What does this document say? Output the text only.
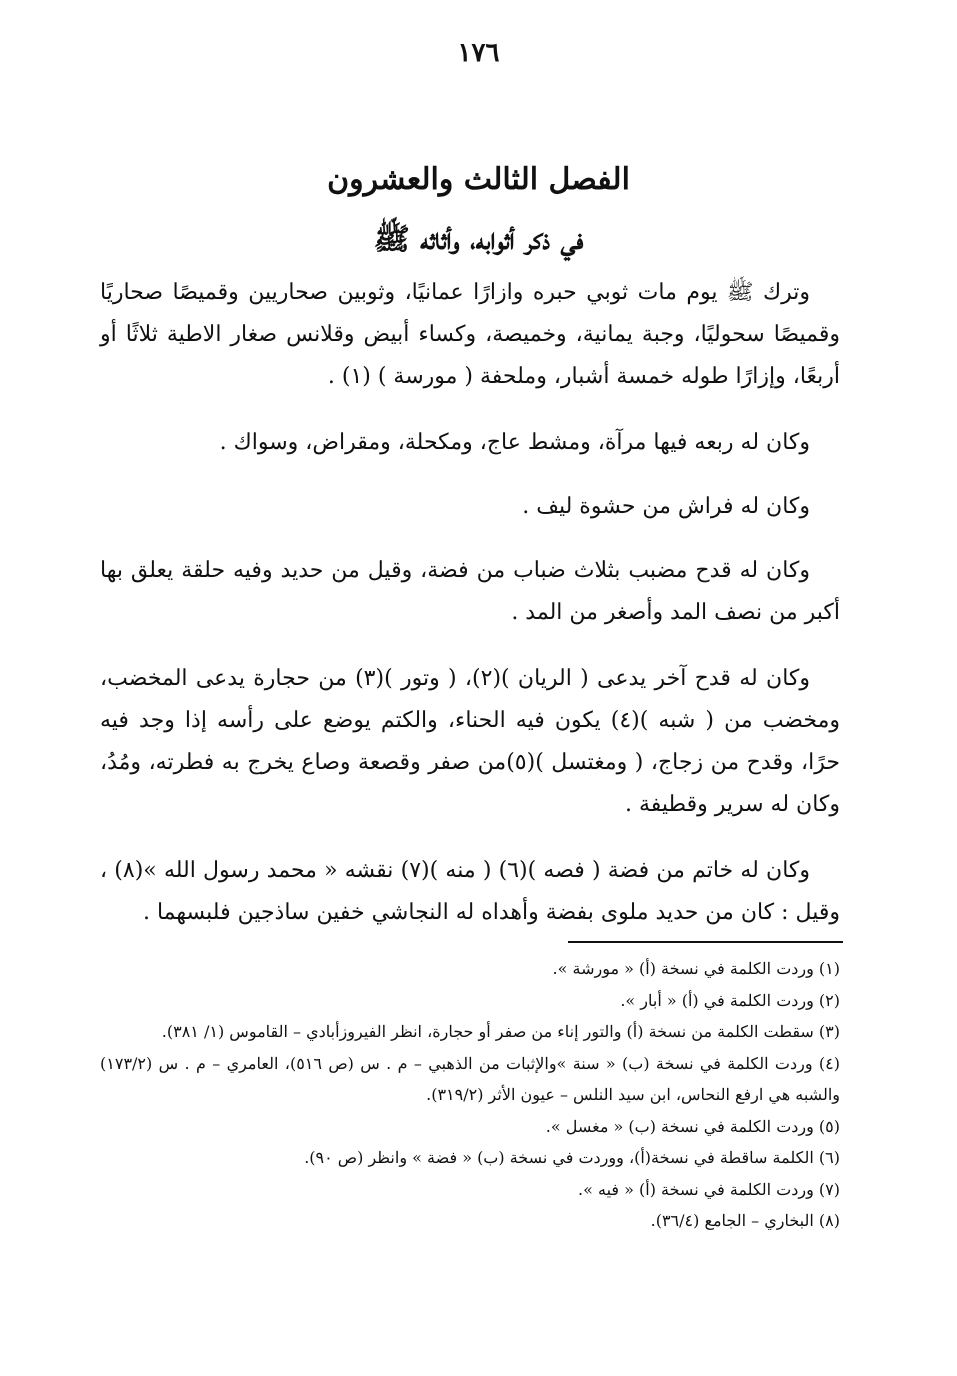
١٧٦
الفصل الثالث والعشرون
في ذكر أثوابه، وأثاثه ﷺ

وترك ﷺ يوم مات ثوبي حبره وازارًا عمانيًا، وثوبين صحاريين وقميصًا صحاريًا وقميصًا سحوليًا، وجبة يمانية، وخميصة، وكساء أبيض وقلانس صغار الاطية ثلاثًا أو أربعًا، وإزارًا طوله خمسة أشبار، وملحفة ( مورسة ) (١) .

وكان له ربعه فيها مرآة، ومشط عاج، ومكحلة، ومقراض، وسواك .

وكان له فراش من حشوة ليف .

وكان له قدح مضبب بثلاث ضباب من فضة، وقيل من حديد وفيه حلقة يعلق بها أكبر من نصف المد وأصغر من المد .

وكان له قدح آخر يدعى ( الريان )(٢)، ( وتور )(٣) من حجارة يدعى المخضب، ومخضب من ( شبه )(٤) يكون فيه الحناء، والكتم يوضع على رأسه إذا وجد فيه حرًا، وقدح من زجاج، ( ومغتسل )(٥)من صفر وقصعة وصاع يخرج به فطرته، ومُدُ، وكان له سرير وقطيفة .

وكان له خاتم من فضة ( فصه )(٦) ( منه )(٧) نقشه « محمد رسول الله »(٨) ، وقيل : كان من حديد ملوى بفضة وأهداه له النجاشي خفين ساذجين فلبسهما .

(١) وردت الكلمة في نسخة (أ) « مورشة ».

(٢) وردت الكلمة في (أ) « أبار ».

(٣) سقطت الكلمة من نسخة (أ) والتور إناء من صفر أو حجارة، انظر الفيروزأبادي – القاموس (١/ ٣٨١).

(٤) وردت الكلمة في نسخة (ب) « سنة »والإثبات من الذهبي – م . س (ص ٥١٦)، العامري – م . س (١٧٣/٢) والشبه هي ارفع النحاس، ابن سيد النلس – عيون الأثر (٣١٩/٢).

(٥) وردت الكلمة في نسخة (ب) « مغسل ».

(٦) الكلمة ساقطة في نسخة(أ)، ووردت في نسخة (ب) « فضة » وانظر (ص ٩٠).

(٧) وردت الكلمة في نسخة (أ) « فيه ».

(٨) البخاري – الجامع (٣٦/٤).
